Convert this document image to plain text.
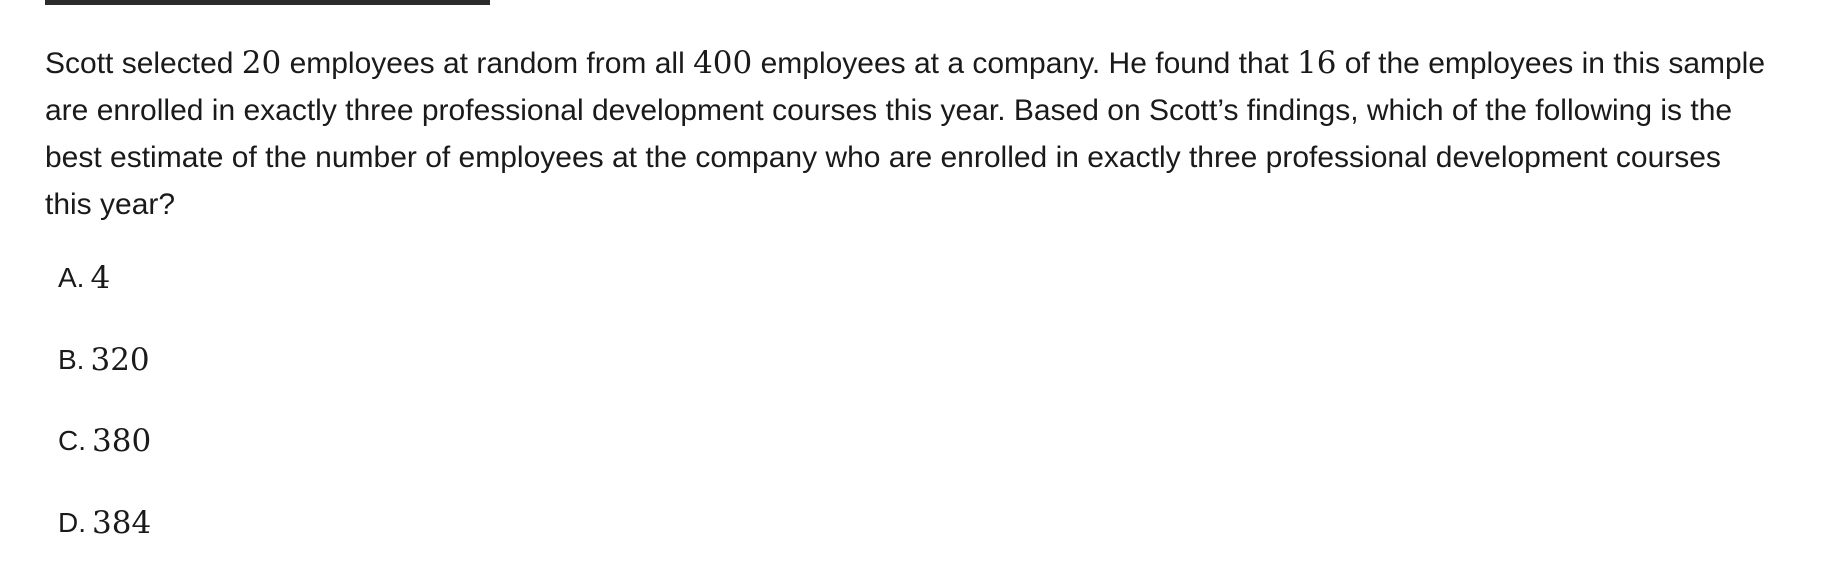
Scott selected 20 employees at random from all 400 employees at a company. He found that 16 of the employees in this sample are enrolled in exactly three professional development courses this year. Based on Scott’s findings, which of the following is the best estimate of the number of employees at the company who are enrolled in exactly three professional development courses this year?

A. 4
B. 320
C. 380
D. 384
